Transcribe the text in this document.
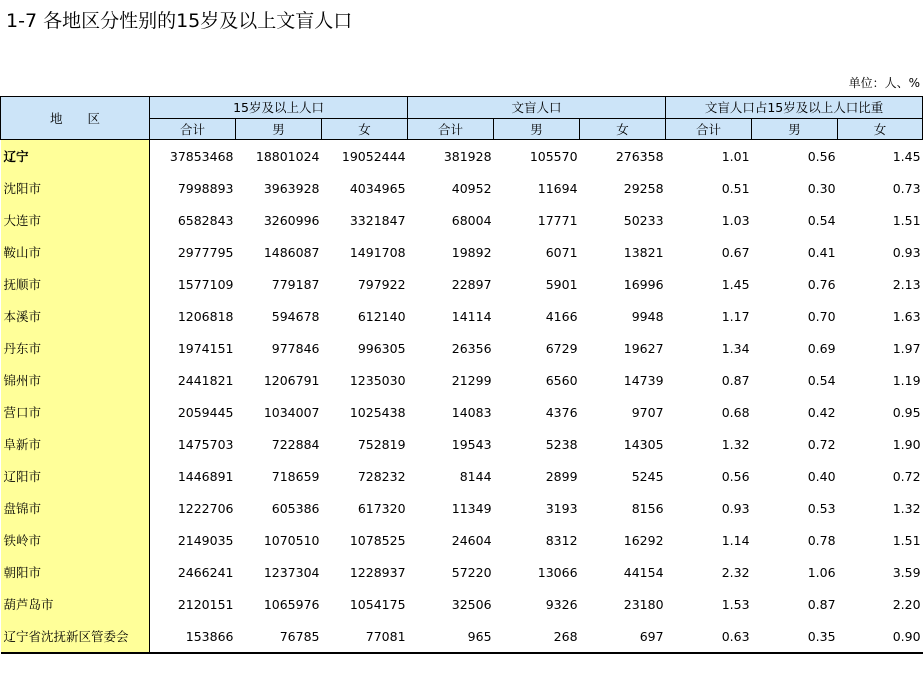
1-7 各地区分性别的15岁及以上文盲人口
单位：人、%
地　　区	15岁及以上人口			文盲人口			文盲人口占15岁及以上人口比重		
	合计	男	女	合计	男	女	合计	男	女
辽宁	37853468	18801024	19052444	381928	105570	276358	1.01	0.56	1.45
沈阳市	7998893	3963928	4034965	40952	11694	29258	0.51	0.30	0.73
大连市	6582843	3260996	3321847	68004	17771	50233	1.03	0.54	1.51
鞍山市	2977795	1486087	1491708	19892	6071	13821	0.67	0.41	0.93
抚顺市	1577109	779187	797922	22897	5901	16996	1.45	0.76	2.13
本溪市	1206818	594678	612140	14114	4166	9948	1.17	0.70	1.63
丹东市	1974151	977846	996305	26356	6729	19627	1.34	0.69	1.97
锦州市	2441821	1206791	1235030	21299	6560	14739	0.87	0.54	1.19
营口市	2059445	1034007	1025438	14083	4376	9707	0.68	0.42	0.95
阜新市	1475703	722884	752819	19543	5238	14305	1.32	0.72	1.90
辽阳市	1446891	718659	728232	8144	2899	5245	0.56	0.40	0.72
盘锦市	1222706	605386	617320	11349	3193	8156	0.93	0.53	1.32
铁岭市	2149035	1070510	1078525	24604	8312	16292	1.14	0.78	1.51
朝阳市	2466241	1237304	1228937	57220	13066	44154	2.32	1.06	3.59
葫芦岛市	2120151	1065976	1054175	32506	9326	23180	1.53	0.87	2.20
辽宁省沈抚新区管委会	153866	76785	77081	965	268	697	0.63	0.35	0.90
